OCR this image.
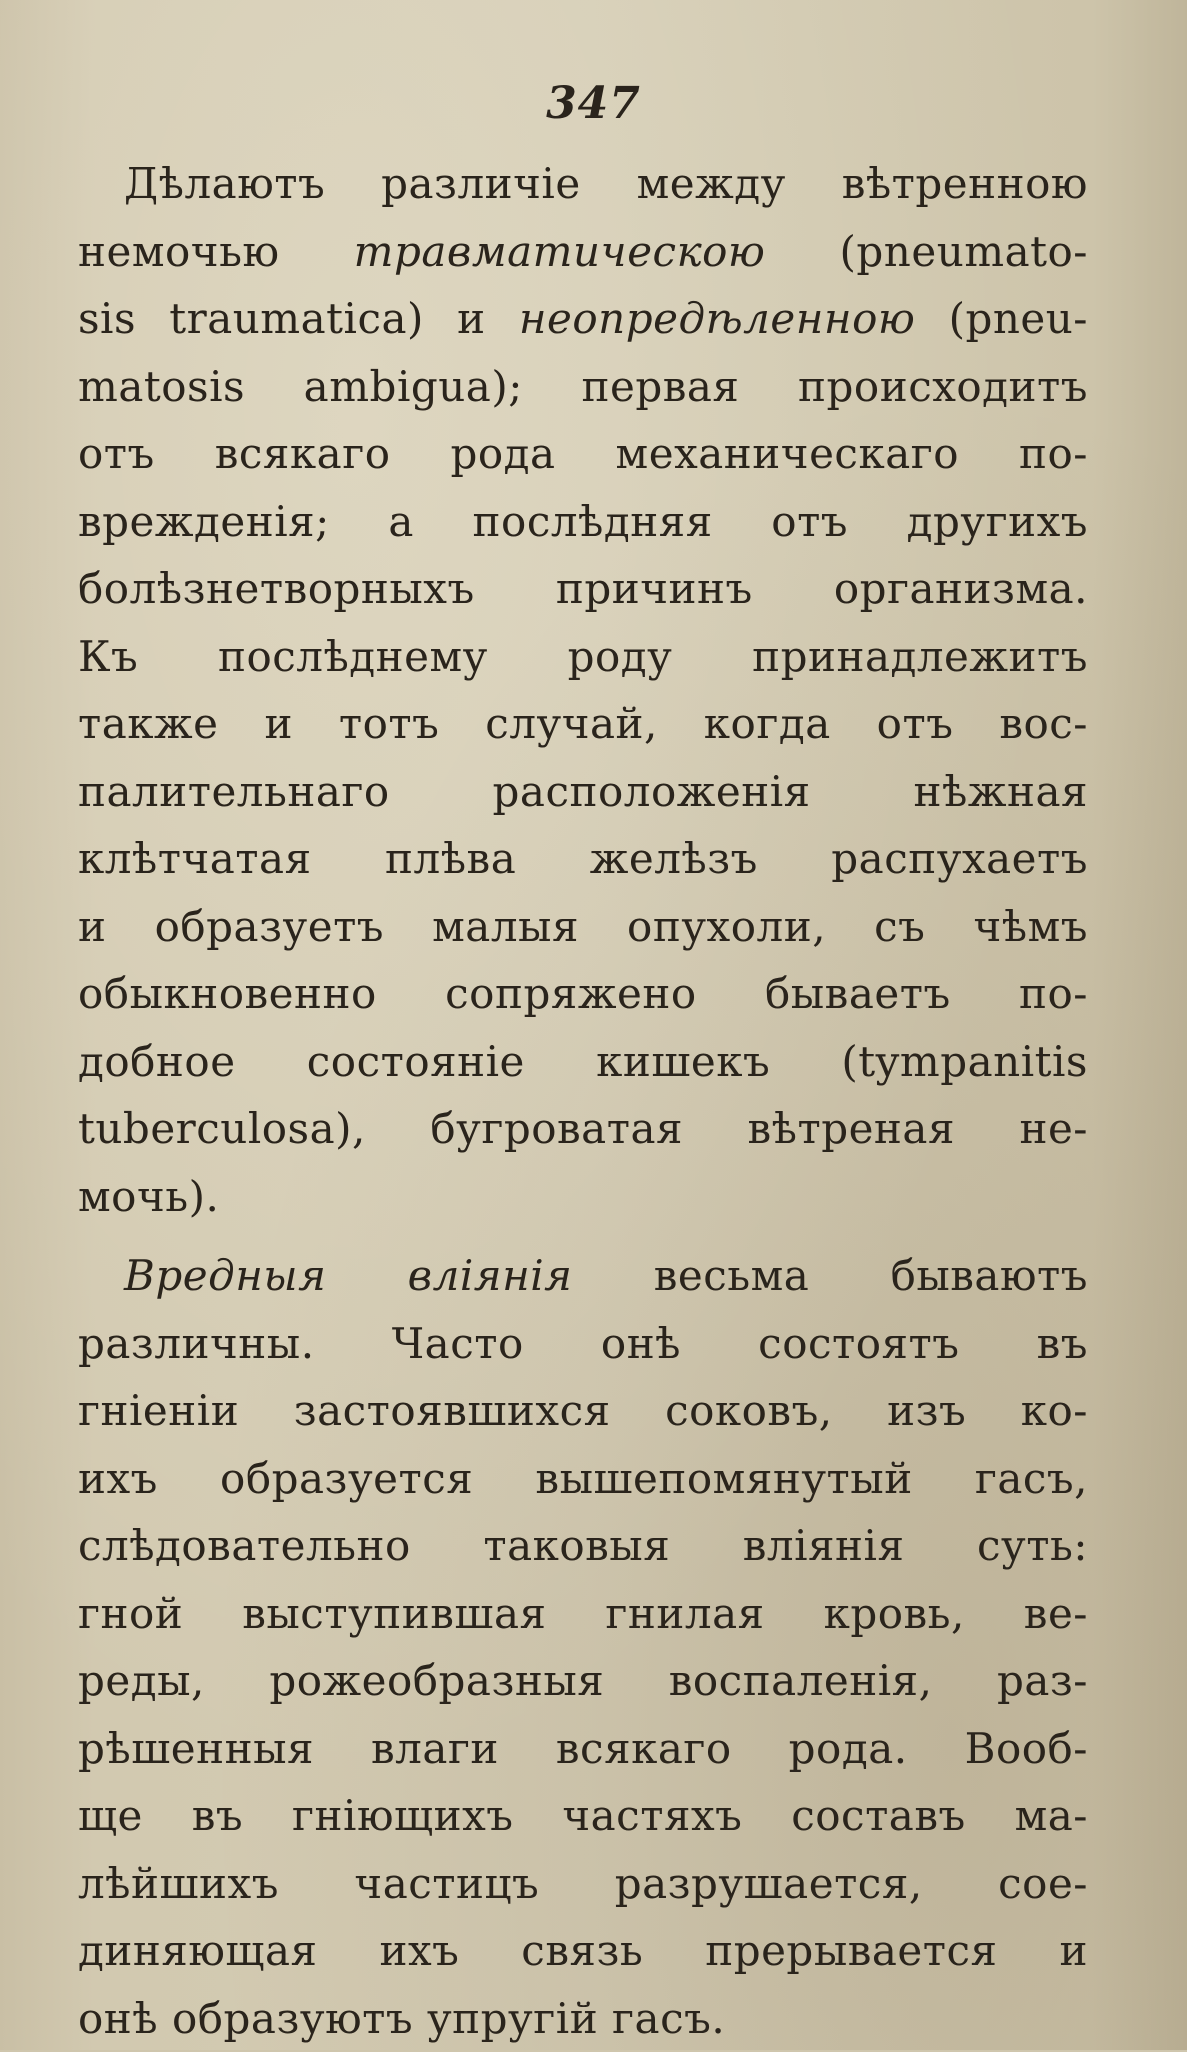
347
Дѣлаютъ различіе между вѣтренною
немочью травматическою (pneumato-
sis traumatica) и неопредѣленною (pneu-
matosis ambigua); первая происходитъ
отъ всякаго рода механическаго по-
врежденія; а послѣдняя отъ другихъ
болѣзнетворныхъ причинъ организма.
Къ послѣднему роду принадлежитъ
также и тотъ случай, когда отъ вос-
палительнаго расположенія нѣжная
клѣтчатая плѣва желѣзъ распухаетъ
и образуетъ малыя опухоли, съ чѣмъ
обыкновенно сопряжено бываетъ по-
добное состояніе кишекъ (tympanitis
tuberculosa), бугроватая вѣтреная не-
мочь).
Вредныя вліянія весьма бываютъ
различны. Часто онѣ состоятъ въ
гніеніи застоявшихся соковъ, изъ ко-
ихъ образуется вышепомянутый гасъ,
слѣдовательно таковыя вліянія суть:
гной выступившая гнилая кровь, ве-
реды, рожеобразныя воспаленія, раз-
рѣшенныя влаги всякаго рода. Вооб-
ще въ гніющихъ частяхъ составъ ма-
лѣйшихъ частицъ разрушается, сое-
диняющая ихъ связь прерывается и
онѣ образуютъ упругій гасъ.
